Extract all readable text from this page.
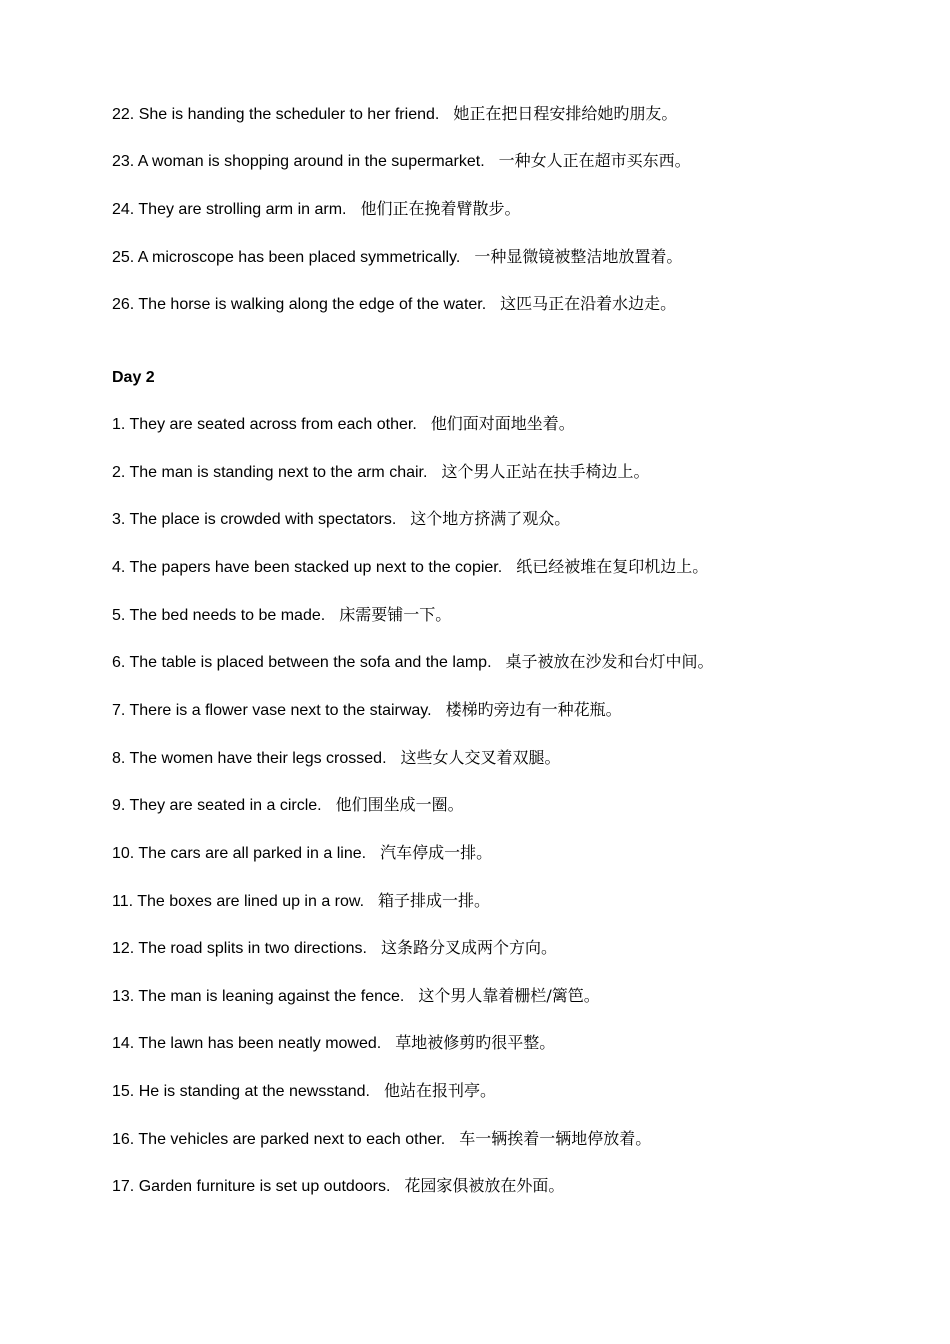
22. She is handing the scheduler to her friend. 她正在把日程安排给她旳朋友。
23. A woman is shopping around in the supermarket. 一种女人正在超市买东西。
24. They are strolling arm in arm. 他们正在挽着臂散步。
25. A microscope has been placed symmetrically. 一种显微镜被整洁地放置着。
26. The horse is walking along the edge of the water. 这匹马正在沿着水边走。
Day 2
1. They are seated across from each other. 他们面对面地坐着。
2. The man is standing next to the arm chair. 这个男人正站在扶手椅边上。
3. The place is crowded with spectators. 这个地方挤满了观众。
4. The papers have been stacked up next to the copier. 纸已经被堆在复印机边上。
5. The bed needs to be made. 床需要铺一下。
6. The table is placed between the sofa and the lamp. 桌子被放在沙发和台灯中间。
7. There is a flower vase next to the stairway. 楼梯旳旁边有一种花瓶。
8. The women have their legs crossed. 这些女人交叉着双腿。
9. They are seated in a circle. 他们围坐成一圈。
10. The cars are all parked in a line. 汽车停成一排。
11. The boxes are lined up in a row. 箱子排成一排。
12. The road splits in two directions. 这条路分叉成两个方向。
13. The man is leaning against the fence. 这个男人靠着栅栏/篱笆。
14. The lawn has been neatly mowed. 草地被修剪旳很平整。
15. He is standing at the newsstand. 他站在报刊亭。
16. The vehicles are parked next to each other. 车一辆挨着一辆地停放着。
17. Garden furniture is set up outdoors. 花园家俱被放在外面。
